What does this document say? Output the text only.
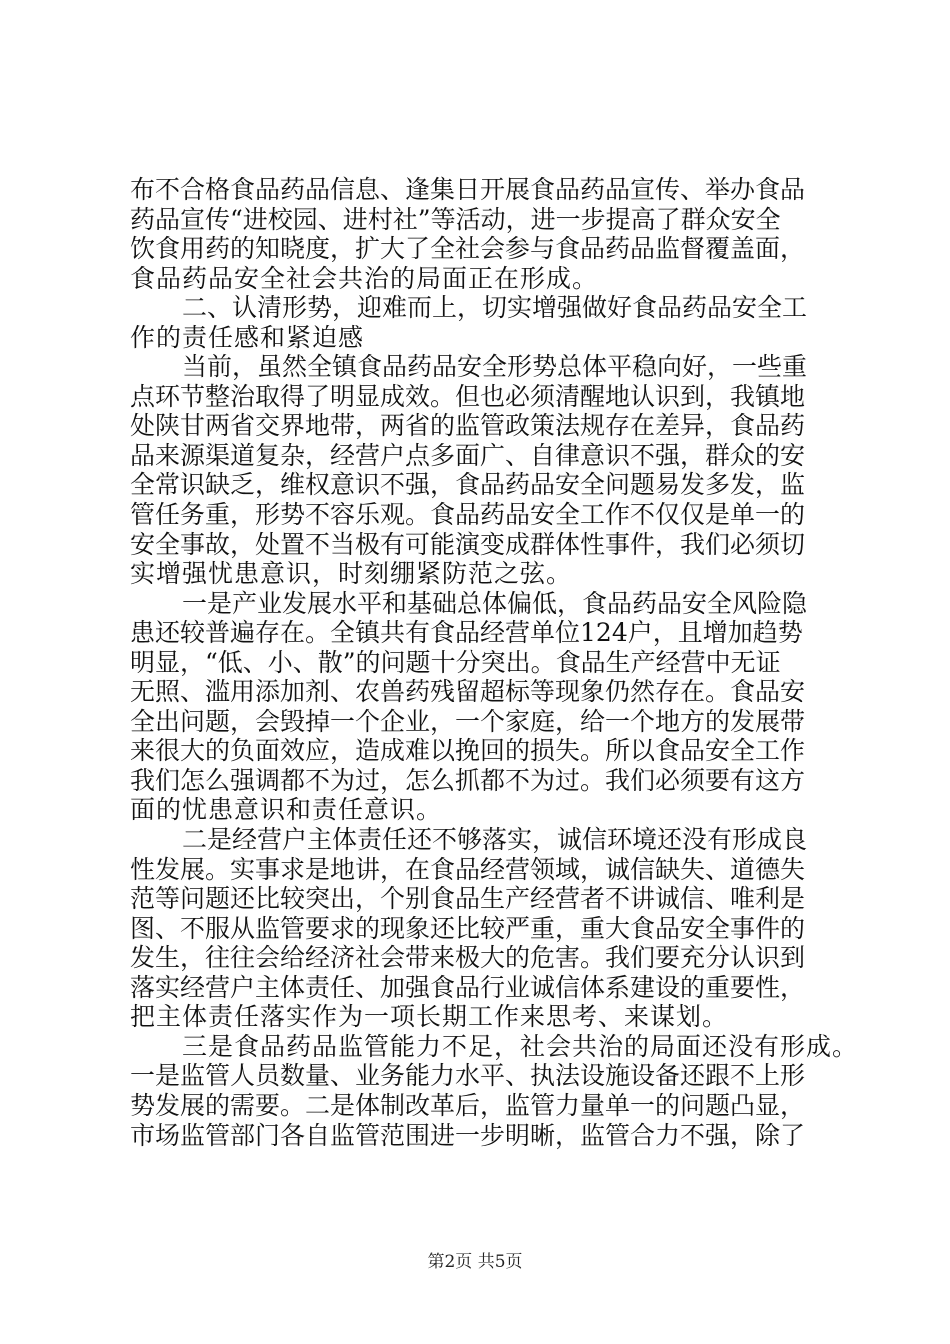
布不合格食品药品信息、逢集日开展食品药品宣传、举办食品
药品宣传“进校园、进村社”等活动，进一步提高了群众安全
饮食用药的知晓度，扩大了全社会参与食品药品监督覆盖面，
食品药品安全社会共治的局面正在形成。
二、认清形势，迎难而上，切实增强做好食品药品安全工
作的责任感和紧迫感
当前，虽然全镇食品药品安全形势总体平稳向好，一些重
点环节整治取得了明显成效。但也必须清醒地认识到，我镇地
处陕甘两省交界地带，两省的监管政策法规存在差异，食品药
品来源渠道复杂，经营户点多面广、自律意识不强，群众的安
全常识缺乏，维权意识不强，食品药品安全问题易发多发，监
管任务重，形势不容乐观。食品药品安全工作不仅仅是单一的
安全事故，处置不当极有可能演变成群体性事件，我们必须切
实增强忧患意识，时刻绷紧防范之弦。
一是产业发展水平和基础总体偏低，食品药品安全风险隐
患还较普遍存在。全镇共有食品经营单位124户，且增加趋势
明显，“低、小、散”的问题十分突出。食品生产经营中无证
无照、滥用添加剂、农兽药残留超标等现象仍然存在。食品安
全出问题，会毁掉一个企业，一个家庭，给一个地方的发展带
来很大的负面效应，造成难以挽回的损失。所以食品安全工作
我们怎么强调都不为过，怎么抓都不为过。我们必须要有这方
面的忧患意识和责任意识。
二是经营户主体责任还不够落实，诚信环境还没有形成良
性发展。实事求是地讲，在食品经营领域，诚信缺失、道德失
范等问题还比较突出，个别食品生产经营者不讲诚信、唯利是
图、不服从监管要求的现象还比较严重，重大食品安全事件的
发生，往往会给经济社会带来极大的危害。我们要充分认识到
落实经营户主体责任、加强食品行业诚信体系建设的重要性，
把主体责任落实作为一项长期工作来思考、来谋划。
三是食品药品监管能力不足，社会共治的局面还没有形成。
一是监管人员数量、业务能力水平、执法设施设备还跟不上形
势发展的需要。二是体制改革后，监管力量单一的问题凸显，
市场监管部门各自监管范围进一步明晰，监管合力不强，除了
第2页 共5页
